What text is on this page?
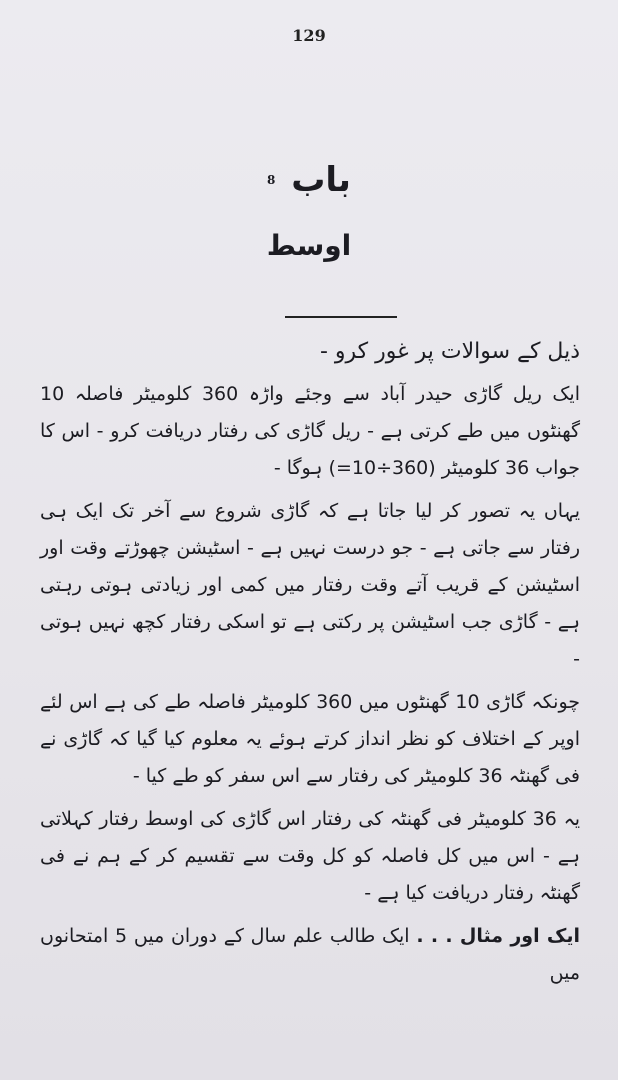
129
باب $^8$
اوسط

ذیل کے سوالات پر غور کرو -

ایک ریل گاڑی حیدر آباد سے وجئے واڑہ 360 کلومیٹر فاصلہ 10 گھنٹوں میں طے کرتی ہے - ریل گاڑی کی رفتار دریافت کرو - اس کا جواب 36 کلومیٹر (360÷10=) ہوگا -

یہاں یہ تصور کر لیا جاتا ہے کہ گاڑی شروع سے آخر تک ایک ہی رفتار سے جاتی ہے - جو درست نہیں ہے - اسٹیشن چھوڑتے وقت اور اسٹیشن کے قریب آتے وقت رفتار میں کمی اور زیادتی ہوتی رہتی ہے - گاڑی جب اسٹیشن پر رکتی ہے تو اسکی رفتار کچھ نہیں ہوتی -

چونکہ گاڑی 10 گھنٹوں میں 360 کلومیٹر فاصلہ طے کی ہے اس لئے اوپر کے اختلاف کو نظر انداز کرتے ہوئے یہ معلوم کیا گیا کہ گاڑی نے فی گھنٹہ 36 کلومیٹر کی رفتار سے اس سفر کو طے کیا -

یہ 36 کلومیٹر فی گھنٹہ کی رفتار اس گاڑی کی اوسط رفتار کہلاتی ہے - اس میں کل فاصلہ کو کل وقت سے تقسیم کر کے ہم نے فی گھنٹہ رفتار دریافت کیا ہے -

ایک اور مثال . . . ایک طالب علم سال کے دوران میں 5 امتحانوں میں
